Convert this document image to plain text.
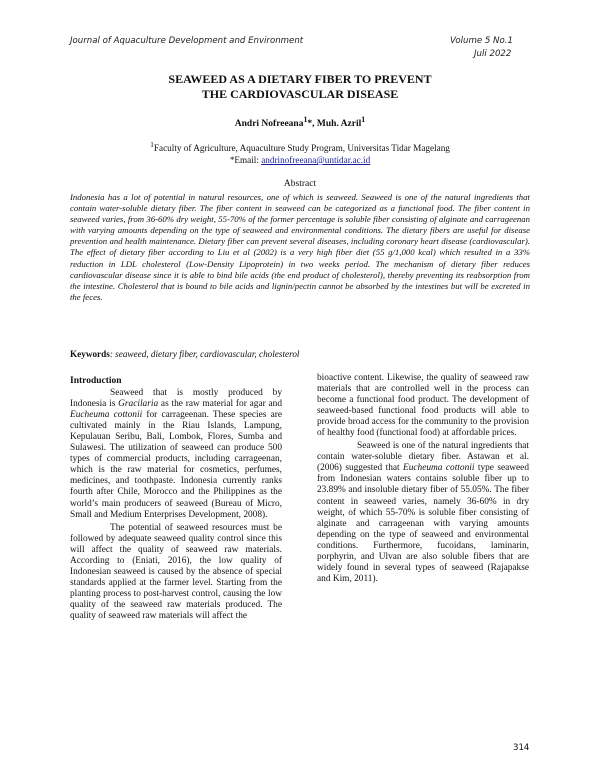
Journal of Aquaculture Development and Environment	Volume 5 No.1
Juli 2022
SEAWEED AS A DIETARY FIBER TO PREVENT
THE CARDIOVASCULAR DISEASE
Andri Nofreeana$^1$*, Muh. Azril$^1$
$^1$Faculty of Agriculture, Aquaculture Study Program, Universitas Tidar Magelang
*Email: andrinofreeana@untidar.ac.id
Abstract

Indonesia has a lot of potential in natural resources, one of which is seaweed. Seaweed is one of the natural ingredients that contain water-soluble dietary fiber. The fiber content in seaweed can be categorized as a functional food. The fiber content in seaweed varies, from 36-60% dry weight, 55-70% of the former percentage is soluble fiber consisting of alginate and carrageenan with varying amounts depending on the type of seaweed and environmental conditions. The dietary fibers are useful for disease prevention and health maintenance. Dietary fiber can prevent several diseases, including coronary heart disease (cardiovascular). The effect of dietary fiber according to Liu et al (2002) is a very high fiber diet (55 g/1,000 kcal) which resulted in a 33% reduction in LDL cholesterol (Low-Density Lipoprotein) in two weeks period. The mechanism of dietary fiber reduces cardiovascular disease since it is able to bind bile acids (the end product of cholesterol), thereby preventing its reabsorption from the intestine. Cholesterol that is bound to bile acids and lignin/pectin cannot be absorbed by the intestines but will be excreted in the feces.

Keywords: seaweed, dietary fiber, cardiovascular, cholesterol

Introduction

Seaweed that is mostly produced by Indonesia is Gracilaria as the raw material for agar and Eucheuma cottonii for carrageenan. These species are cultivated mainly in the Riau Islands, Lampung, Kepulauan Seribu, Bali, Lombok, Flores, Sumba and Sulawesi. The utilization of seaweed can produce 500 types of commercial products, including carrageenan, which is the raw material for cosmetics, perfumes, medicines, and toothpaste. Indonesia currently ranks fourth after Chile, Morocco and the Philippines as the world’s main producers of seaweed (Bureau of Micro, Small and Medium Enterprises Development, 2008).

The potential of seaweed resources must be followed by adequate seaweed quality control since this will affect the quality of seaweed raw materials. According to (Eniati, 2016), the low quality of Indonesian seaweed is caused by the absence of special standards applied at the farmer level. Starting from the planting process to post-harvest control, causing the low quality of the seaweed raw materials produced. The quality of seaweed raw materials will affect the

bioactive content. Likewise, the quality of seaweed raw materials that are controlled well in the process can become a functional food product. The development of seaweed-based functional food products will able to provide broad access for the community to the provision of healthy food (functional food) at affordable prices.

Seaweed is one of the natural ingredients that contain water-soluble dietary fiber. Astawan et al. (2006) suggested that Eucheuma cottonii type seaweed from Indonesian waters contains soluble fiber up to 23.89% and insoluble dietary fiber of 55.05%. The fiber content in seaweed varies, namely 36-60% in dry weight, of which 55-70% is soluble fiber consisting of alginate and carrageenan with varying amounts depending on the type of seaweed and environmental conditions. Furthermore, fucoidans, laminarin, porphyrin, and Ulvan are also soluble fibers that are widely found in several types of seaweed (Rajapakse and Kim, 2011).

314
